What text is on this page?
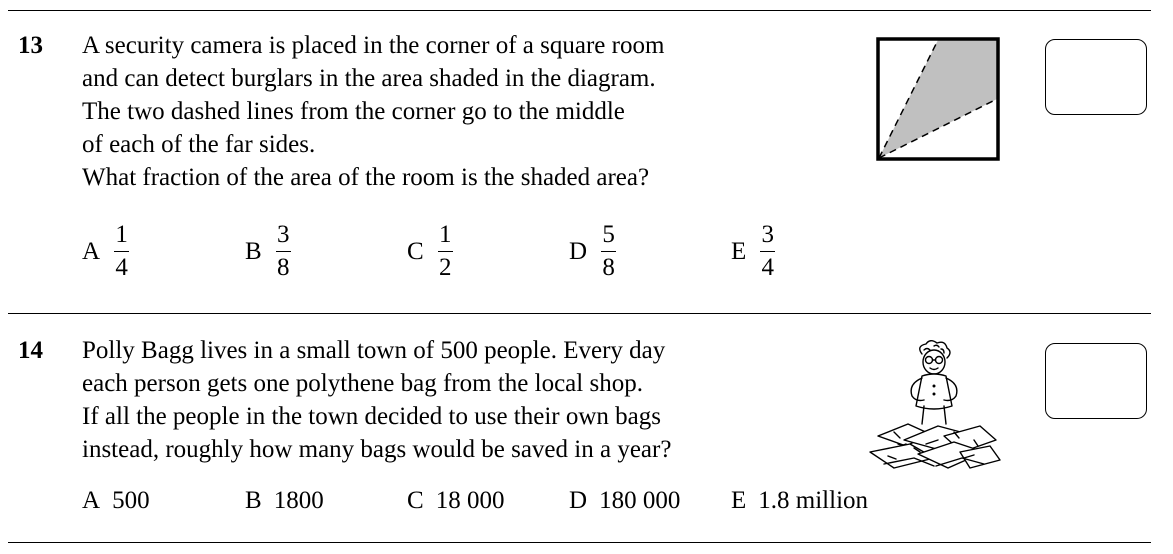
13 A security camera is placed in the corner of a square room
and can detect burglars in the area shaded in the diagram.
The two dashed lines from the corner go to the middle
of each of the far sides.
What fraction of the area of the room is the shaded area?
A $\frac{1}{4}$	B $\frac{3}{8}$	C $\frac{1}{2}$	D $\frac{5}{8}$	E $\frac{3}{4}$
14 Polly Bagg lives in a small town of 500 people. Every day
each person gets one polythene bag from the local shop.
If all the people in the town decided to use their own bags
instead, roughly how many bags would be saved in a year?
A 500	B 1800	C 18 000	D 180 000 E 1.8 million
